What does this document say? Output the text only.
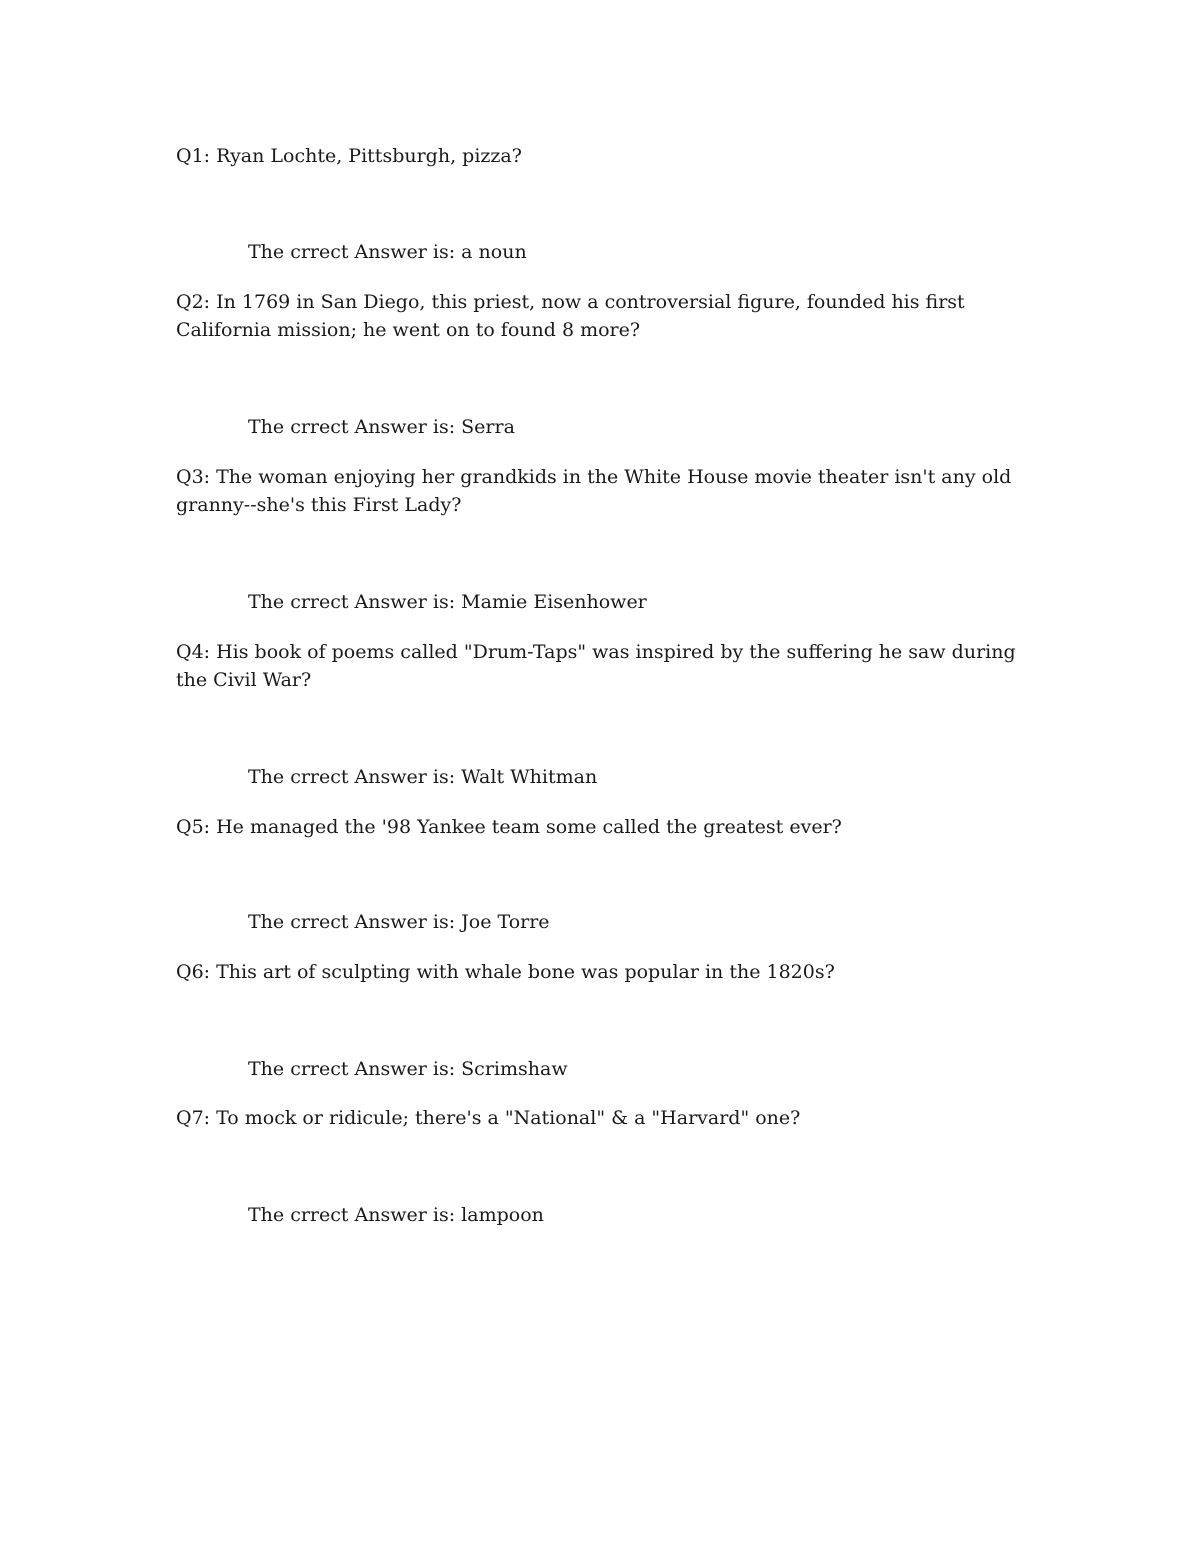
Q1: Ryan Lochte, Pittsburgh, pizza?

The crrect Answer is: a noun

Q2: In 1769 in San Diego, this priest, now a controversial figure, founded his first California mission; he went on to found 8 more?

The crrect Answer is: Serra

Q3: The woman enjoying her grandkids in the White House movie theater isn't any old granny--she's this First Lady?

The crrect Answer is: Mamie Eisenhower

Q4: His book of poems called "Drum-Taps" was inspired by the suffering he saw during the Civil War?

The crrect Answer is: Walt Whitman

Q5: He managed the '98 Yankee team some called the greatest ever?

The crrect Answer is: Joe Torre

Q6: This art of sculpting with whale bone was popular in the 1820s?

The crrect Answer is: Scrimshaw

Q7: To mock or ridicule; there's a "National" & a "Harvard" one?

The crrect Answer is: lampoon
